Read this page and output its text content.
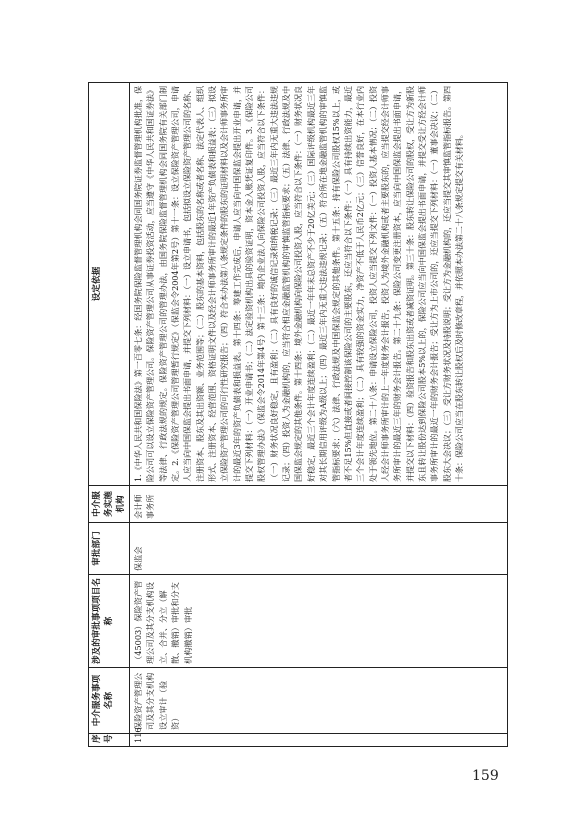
序号	中介服务事项名称	涉及的审批事项项目名称	审批部门	中介服务实施机构	设定依据
116	保险资产管理公司及其分支机构设立审计（验资）	（45003）保险资产管理公司及其分支机构设立、合并、分立（解散、撤销）审批和分支机构撤销）审批	保监会	会计师事务所	1.《中华人民共和国保险法》第一百零七条：经国务院保险监督管理机构会同国务院证券监督管理机构批准，保险公司可以设立保险资产管理公司。保险资产管理公司从事证券投资活动，应当遵守《中华人民共和国证券法》等法律、行政法规的规定。保险资产管理公司的管理办法，由国务院保险监督管理机构会同国务院有关部门制定。2.《保险资产管理公司管理暂行规定》（保监会令2004年第2号）第十一条：设立保险资产管理公司，申请人应当向中国保监会提出书面申请，并提交下列材料：（一）设立申请书，包括拟设立保险资产管理公司的名称、注册资本、股东及其出资额、业务范围等；（二）股东的基本资料，包括股东的名称或者名称、法定代表人、组织形式、注册资本、经营范围、资格证明文件以及经会计师事务所审计的最近1年资产负债表和损益表；（三）拟设立保险资产管理公司的可行性研究报告；（四）符合本办法第八条规定条件的股东的证明材料以及会计师事务所审计的最近3年的资产负债表和损益表。第十四条：筹建工作完成后，申请人应当向中国保监会提出开业申请，并提交下列材料：（一）开业申请书；（二）法定验资机构出具的验资证明，资本金入账凭证复印件。3.《保险公司股权管理办法》（保监会令2014年第4号）第十三条：境内企业法人向保险公司投资入股，应当符合以下条件：（一）财务状况良好稳定，且有盈利；（二）具有良好的诚信记录和纳税记录；（三）最近三年内无重大违法违规记录；（四）投资人为金融机构的，应当符合相应金融监管机构的审慎监管指标要求；（五）法律、行政法规及中国保监会规定的其他条件。第十四条：境外金融机构向保险公司投资入股，应当符合以下条件：（一）财务状况良好稳定，最近三个会计年度连续盈利；（二）最近一年年末总资产不少于20亿美元；（三）国际评级机构最近三年对其长期信用评级为A级以上；（四）最近三年内无重大违法违规记录；（五）符合所在地金融监管机构的审慎监管指标要求；（六）法律、行政法规及中国保监会规定的其他条件。第十五条：持有保险公司股权15%以上，或者不足15%但直接或者间接控制该保险公司的主要股东，还应当符合以下条件：（一）具有持续出资能力，最近三个会计年度连续盈利；（二）具有较强的资金实力，净资产不低于人民币2亿元；（三）信誉良好，在本行业内处于领先地位。第二十八条：申请设立保险公司，投资人应当提交下列文件：（一）投资人基本情况；（二）投资人经会计师事务所审计的上一年度财务会计报告，投资人为境外金融机构或者主要股东的，应当提交经会计师事务所审计的最近三年的财务会计报告。第二十九条：保险公司变更注册资本，应当向中国保监会提出书面申请，并提交以下材料：（四）验资报告和股东出资或者减资证明。第三十条：股东转让保险公司的股权，受让方为新股东且转让股份达到保险公司股本5%以上的，保险公司应当向中国保监会提出书面申请，并提交受让方经会计师事务所审计的最近一年的财务会计报告；受让方为上市公司的，还应当提交下列材料：（一）董事会决议；（二）股东大会决议；（三）受让方财务状况及持股说明；受让方为金融机构的，还应当提交其审慎监管指标报告。第四十条：保险公司应当在股东转让股权后及时修改章程，并依照本办法第二十八条规定提交有关材料。
159
